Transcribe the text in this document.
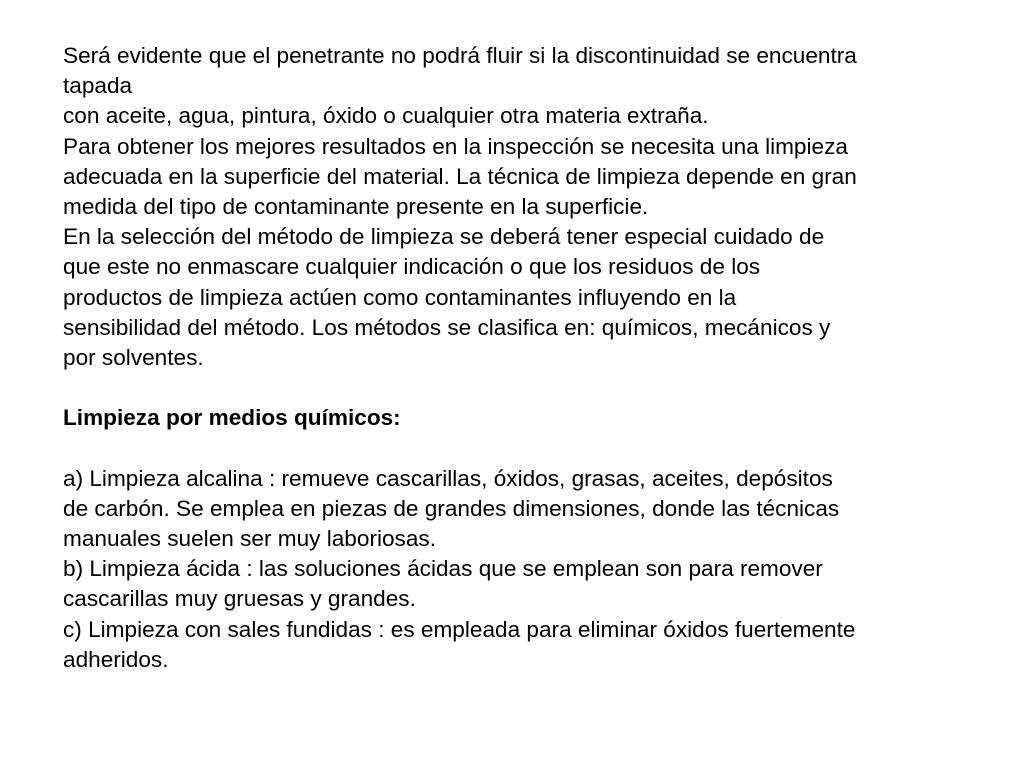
Será evidente que el penetrante no podrá fluir si la discontinuidad se encuentra
tapada
con aceite, agua, pintura, óxido o cualquier otra materia extraña.
Para obtener los mejores resultados en la inspección se necesita una limpieza
adecuada en la superficie del material. La técnica de limpieza depende en gran
medida del tipo de contaminante presente en la superficie.
En la selección del método de limpieza se deberá tener especial cuidado de
que este no enmascare cualquier indicación o que los residuos de los
productos de limpieza actúen como contaminantes influyendo en la
sensibilidad del método. Los métodos se clasifica en: químicos, mecánicos y
por solventes.
Limpieza por medios químicos:
a) Limpieza alcalina : remueve cascarillas, óxidos, grasas, aceites, depósitos
de carbón. Se emplea en piezas de grandes dimensiones, donde las técnicas
manuales suelen ser muy laboriosas.
b) Limpieza ácida : las soluciones ácidas que se emplean son para remover
cascarillas muy gruesas y grandes.
c) Limpieza con sales fundidas : es empleada para eliminar óxidos fuertemente
adheridos.
